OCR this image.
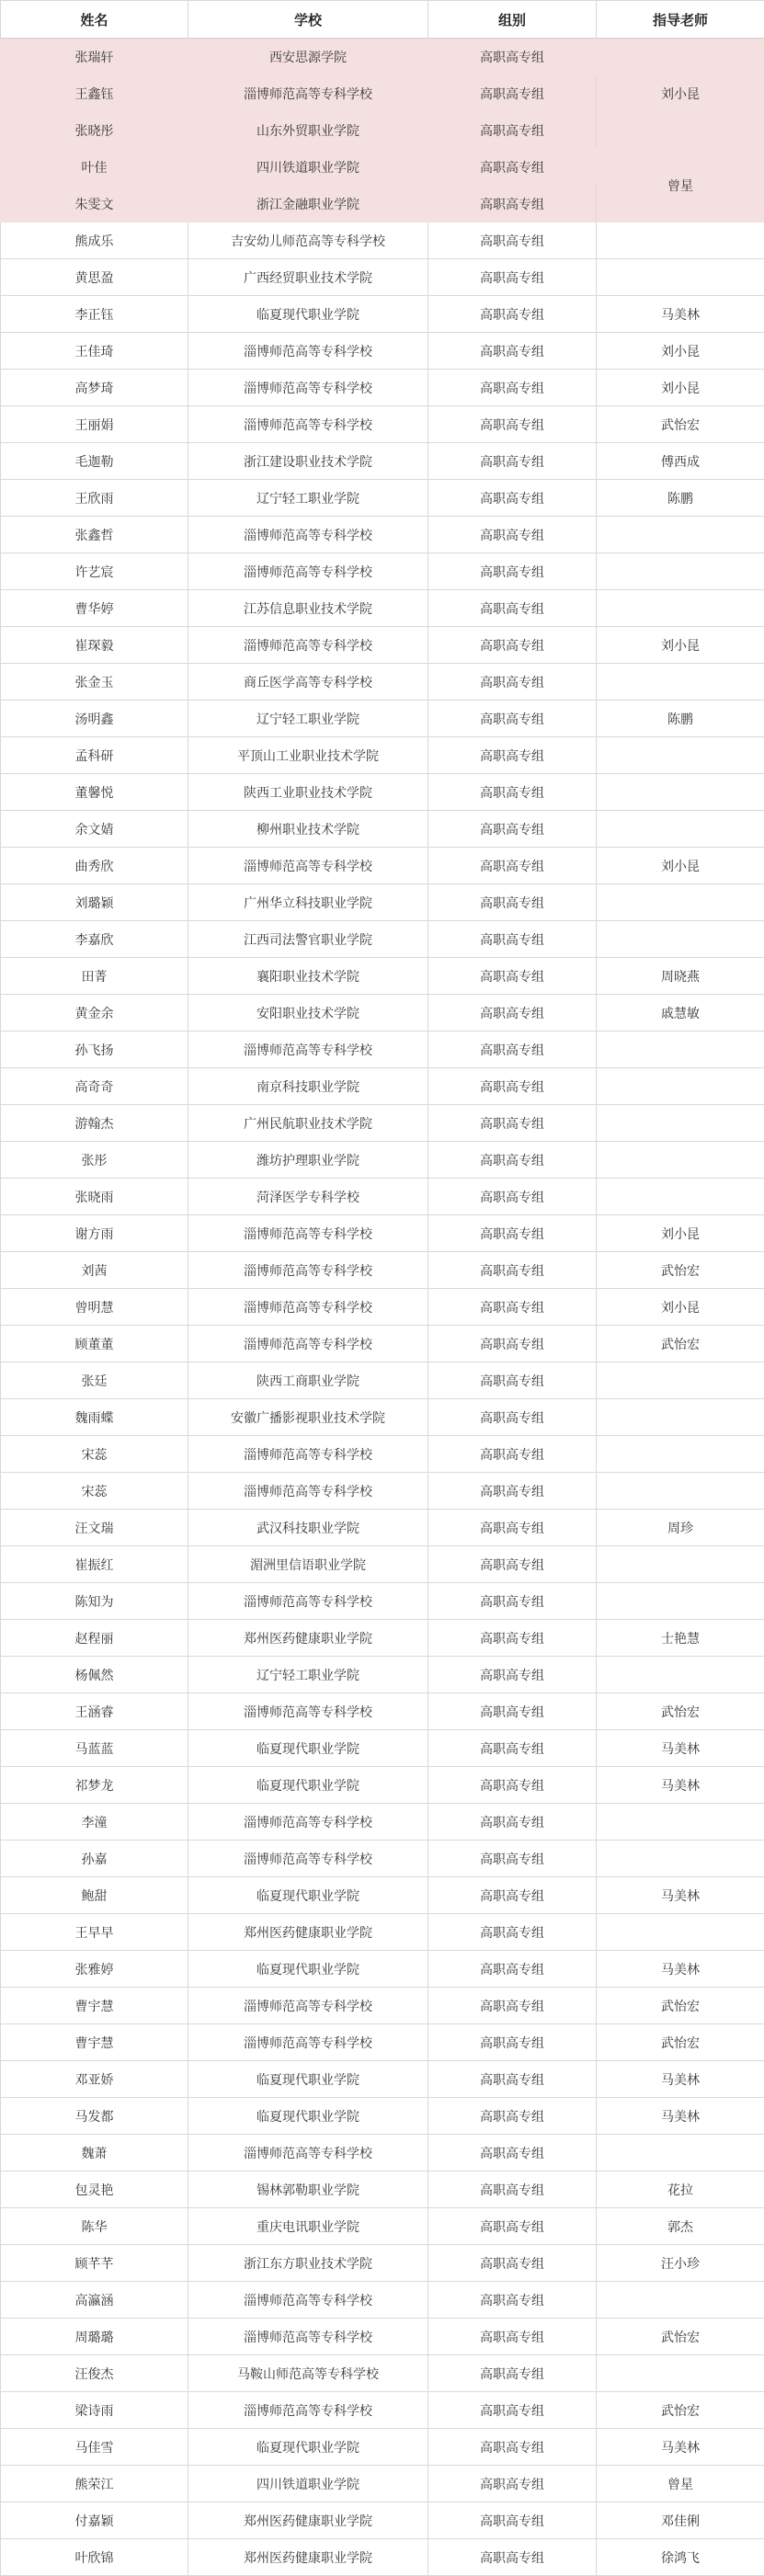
姓名	学校	组别	指导老师
张瑞轩	西安思源学院	高职高专组	刘小昆
王鑫钰	淄博师范高等专科学校	高职高专组	
张晓彤	山东外贸职业学院	高职高专组	
叶佳	四川铁道职业学院	高职高专组	曾星
朱雯文	浙江金融职业学院	高职高专组	
熊成乐	吉安幼儿师范高等专科学校	高职高专组	
黄思盈	广西经贸职业技术学院	高职高专组	
李正钰	临夏现代职业学院	高职高专组	马美林
王佳琦	淄博师范高等专科学校	高职高专组	刘小昆
高梦琦	淄博师范高等专科学校	高职高专组	刘小昆
王丽娟	淄博师范高等专科学校	高职高专组	武怡宏
毛迦勒	浙江建设职业技术学院	高职高专组	傅西成
王欣雨	辽宁轻工职业学院	高职高专组	陈鹏
张鑫哲	淄博师范高等专科学校	高职高专组	
许艺宸	淄博师范高等专科学校	高职高专组	
曹华婷	江苏信息职业技术学院	高职高专组	
崔琛毅	淄博师范高等专科学校	高职高专组	刘小昆
张金玉	商丘医学高等专科学校	高职高专组	
汤明鑫	辽宁轻工职业学院	高职高专组	陈鹏
孟科研	平顶山工业职业技术学院	高职高专组	
董馨悦	陕西工业职业技术学院	高职高专组	
余文婧	柳州职业技术学院	高职高专组	
曲秀欣	淄博师范高等专科学校	高职高专组	刘小昆
刘璐颖	广州华立科技职业学院	高职高专组	
李嘉欣	江西司法警官职业学院	高职高专组	
田菁	襄阳职业技术学院	高职高专组	周晓燕
黄金余	安阳职业技术学院	高职高专组	戚慧敏
孙飞扬	淄博师范高等专科学校	高职高专组	
高奇奇	南京科技职业学院	高职高专组	
游翰杰	广州民航职业技术学院	高职高专组	
张彤	潍坊护理职业学院	高职高专组	
张晓雨	菏泽医学专科学校	高职高专组	
谢方雨	淄博师范高等专科学校	高职高专组	刘小昆
刘茜	淄博师范高等专科学校	高职高专组	武怡宏
曾明慧	淄博师范高等专科学校	高职高专组	刘小昆
顾董董	淄博师范高等专科学校	高职高专组	武怡宏
张廷	陕西工商职业学院	高职高专组	
魏雨蝶	安徽广播影视职业技术学院	高职高专组	
宋蕊	淄博师范高等专科学校	高职高专组	
宋蕊	淄博师范高等专科学校	高职高专组	
汪文瑞	武汉科技职业学院	高职高专组	周珍
崔振红	湄洲里信语职业学院	高职高专组	
陈知为	淄博师范高等专科学校	高职高专组	
赵程丽	郑州医药健康职业学院	高职高专组	士艳慧
杨佩然	辽宁轻工职业学院	高职高专组	
王涵睿	淄博师范高等专科学校	高职高专组	武怡宏
马蓝蓝	临夏现代职业学院	高职高专组	马美林
祁梦龙	临夏现代职业学院	高职高专组	马美林
李潼	淄博师范高等专科学校	高职高专组	
孙嘉	淄博师范高等专科学校	高职高专组	
鲍甜	临夏现代职业学院	高职高专组	马美林
王早早	郑州医药健康职业学院	高职高专组	
张雅婷	临夏现代职业学院	高职高专组	马美林
曹宇慧	淄博师范高等专科学校	高职高专组	武怡宏
曹宇慧	淄博师范高等专科学校	高职高专组	武怡宏
邓亚娇	临夏现代职业学院	高职高专组	马美林
马发都	临夏现代职业学院	高职高专组	马美林
魏萧	淄博师范高等专科学校	高职高专组	
包灵艳	锡林郭勒职业学院	高职高专组	花拉
陈华	重庆电讯职业学院	高职高专组	郭杰
顾芊芊	浙江东方职业技术学院	高职高专组	汪小珍
高瀛涵	淄博师范高等专科学校	高职高专组	
周璐璐	淄博师范高等专科学校	高职高专组	武怡宏
汪俊杰	马鞍山师范高等专科学校	高职高专组	
梁诗雨	淄博师范高等专科学校	高职高专组	武怡宏
马佳雪	临夏现代职业学院	高职高专组	马美林
熊荣江	四川铁道职业学院	高职高专组	曾星
付嘉颖	郑州医药健康职业学院	高职高专组	邓佳俐
叶欣锦	郑州医药健康职业学院	高职高专组	徐鸿飞
